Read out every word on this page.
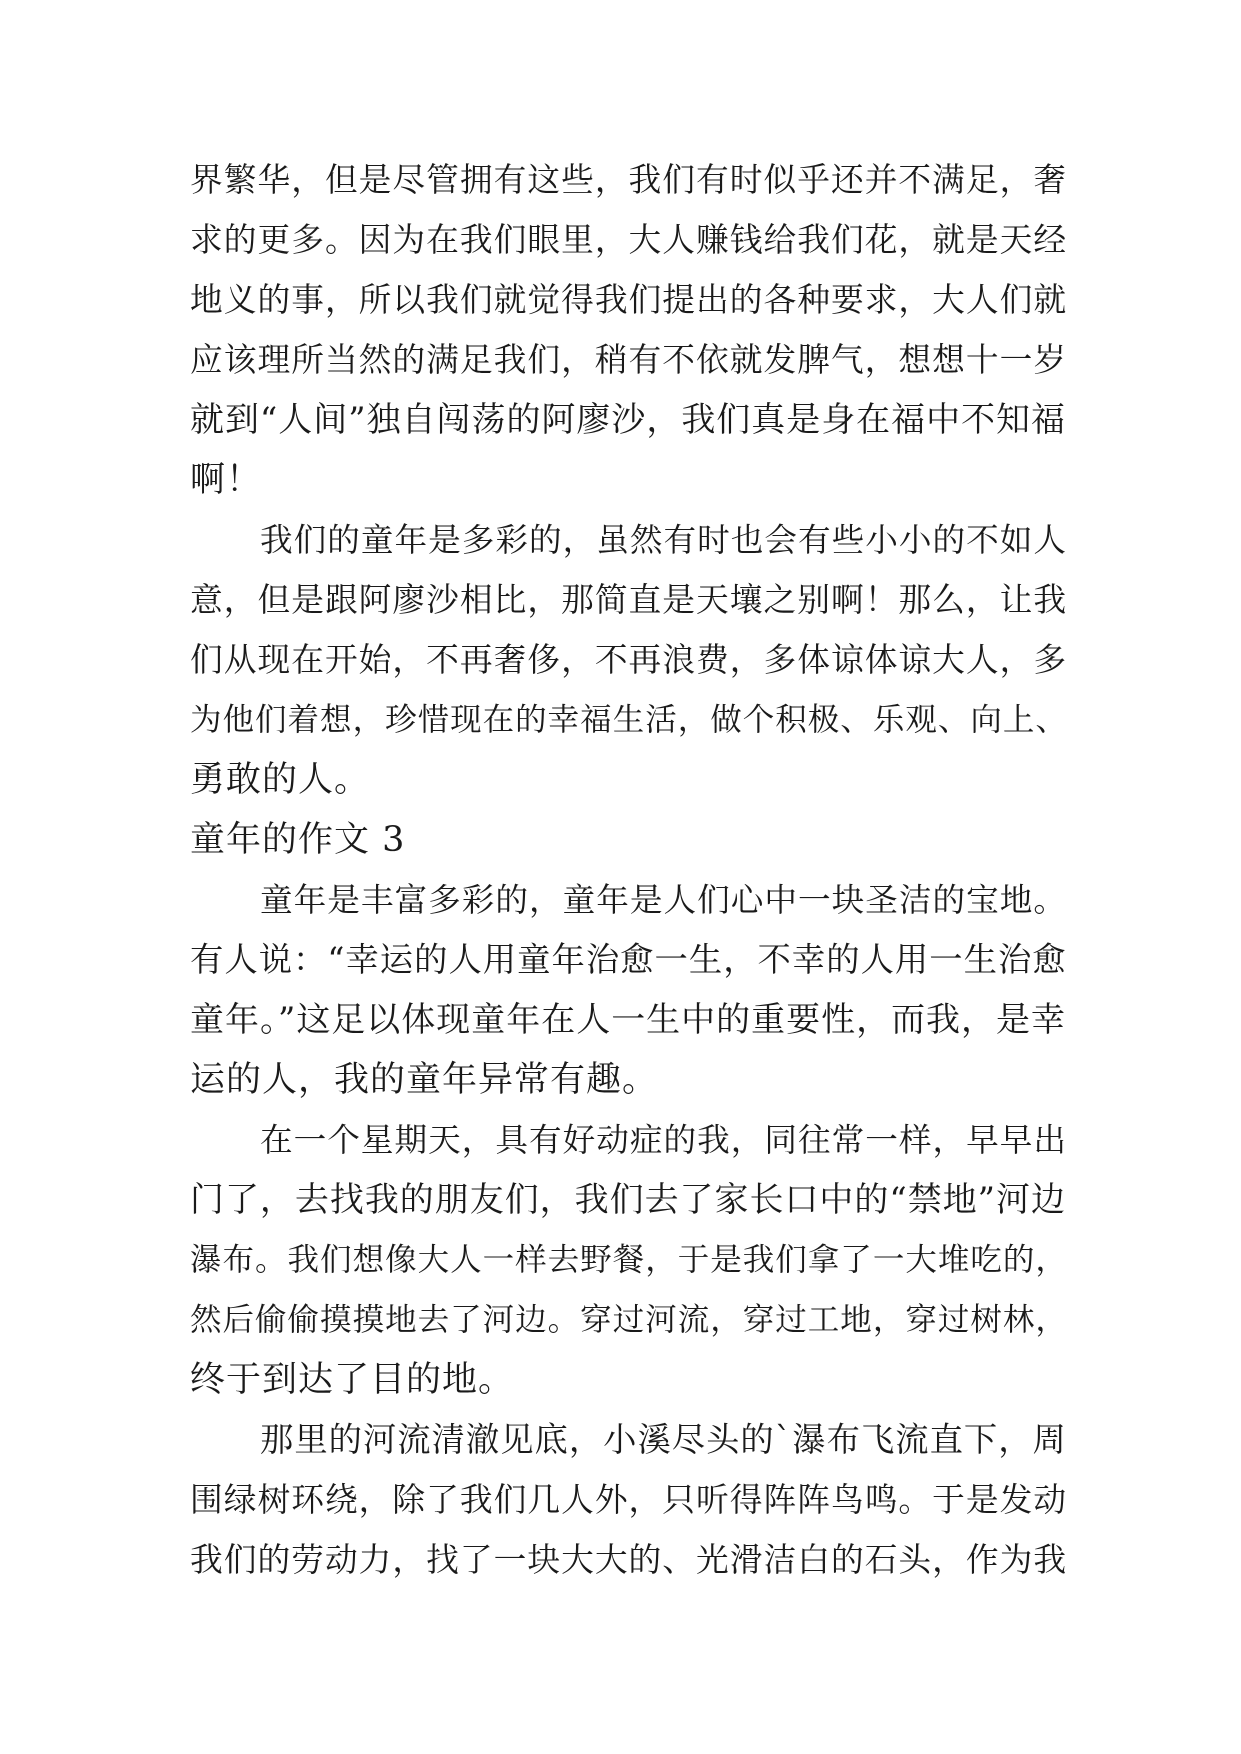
界繁华，但是尽管拥有这些，我们有时似乎还并不满足，奢
求的更多。因为在我们眼里，大人赚钱给我们花，就是天经
地义的事，所以我们就觉得我们提出的各种要求，大人们就
应该理所当然的满足我们，稍有不依就发脾气，想想十一岁
就到“人间”独自闯荡的阿廖沙，我们真是身在福中不知福
啊！
我们的童年是多彩的，虽然有时也会有些小小的不如人
意，但是跟阿廖沙相比，那简直是天壤之别啊！那么，让我
们从现在开始，不再奢侈，不再浪费，多体谅体谅大人，多
为他们着想，珍惜现在的幸福生活，做个积极、乐观、向上、
勇敢的人。
童年的作文 3
童年是丰富多彩的，童年是人们心中一块圣洁的宝地。
有人说：“幸运的人用童年治愈一生，不幸的人用一生治愈
童年。”这足以体现童年在人一生中的重要性，而我，是幸
运的人，我的童年异常有趣。
在一个星期天，具有好动症的我，同往常一样，早早出
门了，去找我的朋友们，我们去了家长口中的“禁地”河边
瀑布。我们想像大人一样去野餐，于是我们拿了一大堆吃的，
然后偷偷摸摸地去了河边。穿过河流，穿过工地，穿过树林，
终于到达了目的地。
那里的河流清澈见底，小溪尽头的`瀑布飞流直下，周
围绿树环绕，除了我们几人外，只听得阵阵鸟鸣。于是发动
我们的劳动力，找了一块大大的、光滑洁白的石头，作为我
